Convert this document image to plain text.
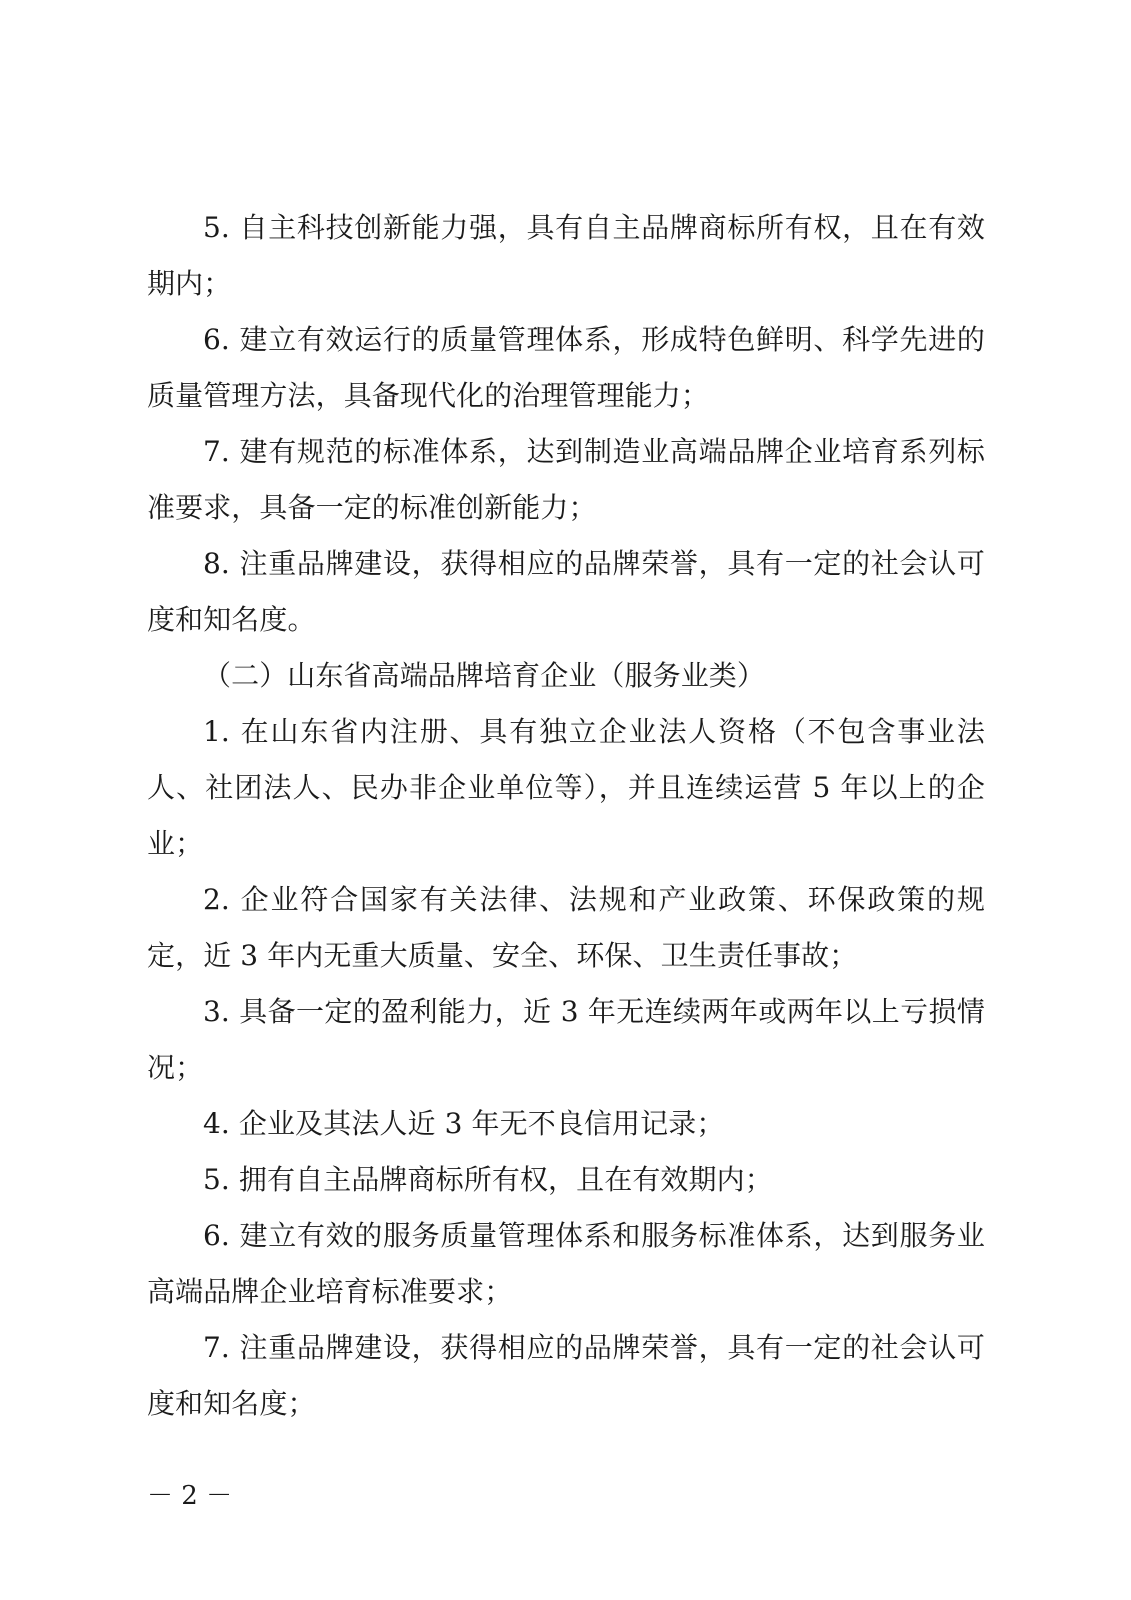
5. 自主科技创新能力强，具有自主品牌商标所有权，且在有效期内；

6. 建立有效运行的质量管理体系，形成特色鲜明、科学先进的质量管理方法，具备现代化的治理管理能力；

7. 建有规范的标准体系，达到制造业高端品牌企业培育系列标准要求，具备一定的标准创新能力；

8. 注重品牌建设，获得相应的品牌荣誉，具有一定的社会认可度和知名度。

（二）山东省高端品牌培育企业（服务业类）

1. 在山东省内注册、具有独立企业法人资格（不包含事业法人、社团法人、民办非企业单位等），并且连续运营 5 年以上的企业；

2. 企业符合国家有关法律、法规和产业政策、环保政策的规定，近 3 年内无重大质量、安全、环保、卫生责任事故；

3. 具备一定的盈利能力，近 3 年无连续两年或两年以上亏损情况；

4. 企业及其法人近 3 年无不良信用记录；

5. 拥有自主品牌商标所有权，且在有效期内；

6. 建立有效的服务质量管理体系和服务标准体系，达到服务业高端品牌企业培育标准要求；

7. 注重品牌建设，获得相应的品牌荣誉，具有一定的社会认可度和知名度；

－ 2 －
